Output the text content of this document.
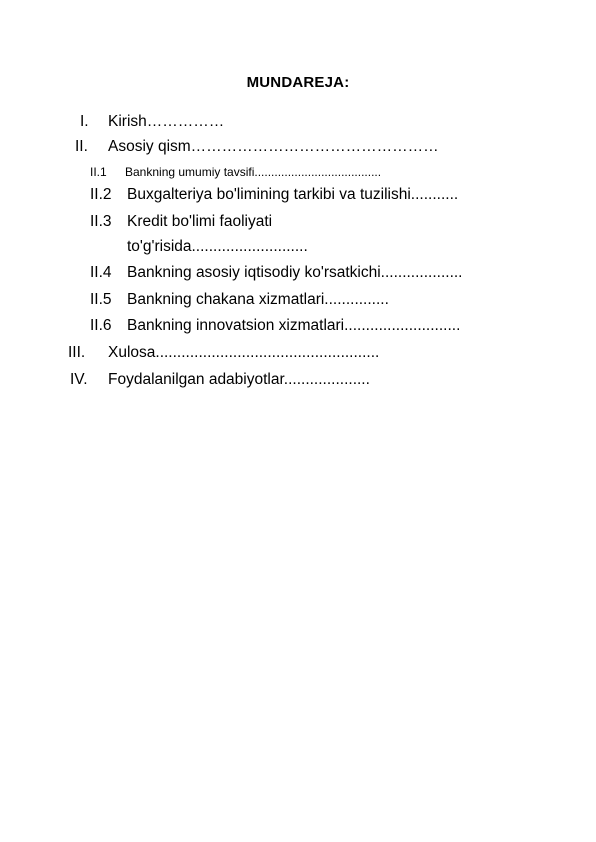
MUNDAREJA:
I. Kirish……………
II. Asosiy qism…………………………………………
II.1 Bankning umumiy tavsifi......................................
II.2 Buxgalteriya bo'limining tarkibi va tuzilishi...........
II.3 Kredit bo'limi faoliyati
to'g'risida...........................
II.4 Bankning asosiy iqtisodiy ko'rsatkichi...................
II.5 Bankning chakana xizmatlari...............
II.6 Bankning innovatsion xizmatlari...........................
III. Xulosa....................................................
IV. Foydalanilgan adabiyotlar....................
